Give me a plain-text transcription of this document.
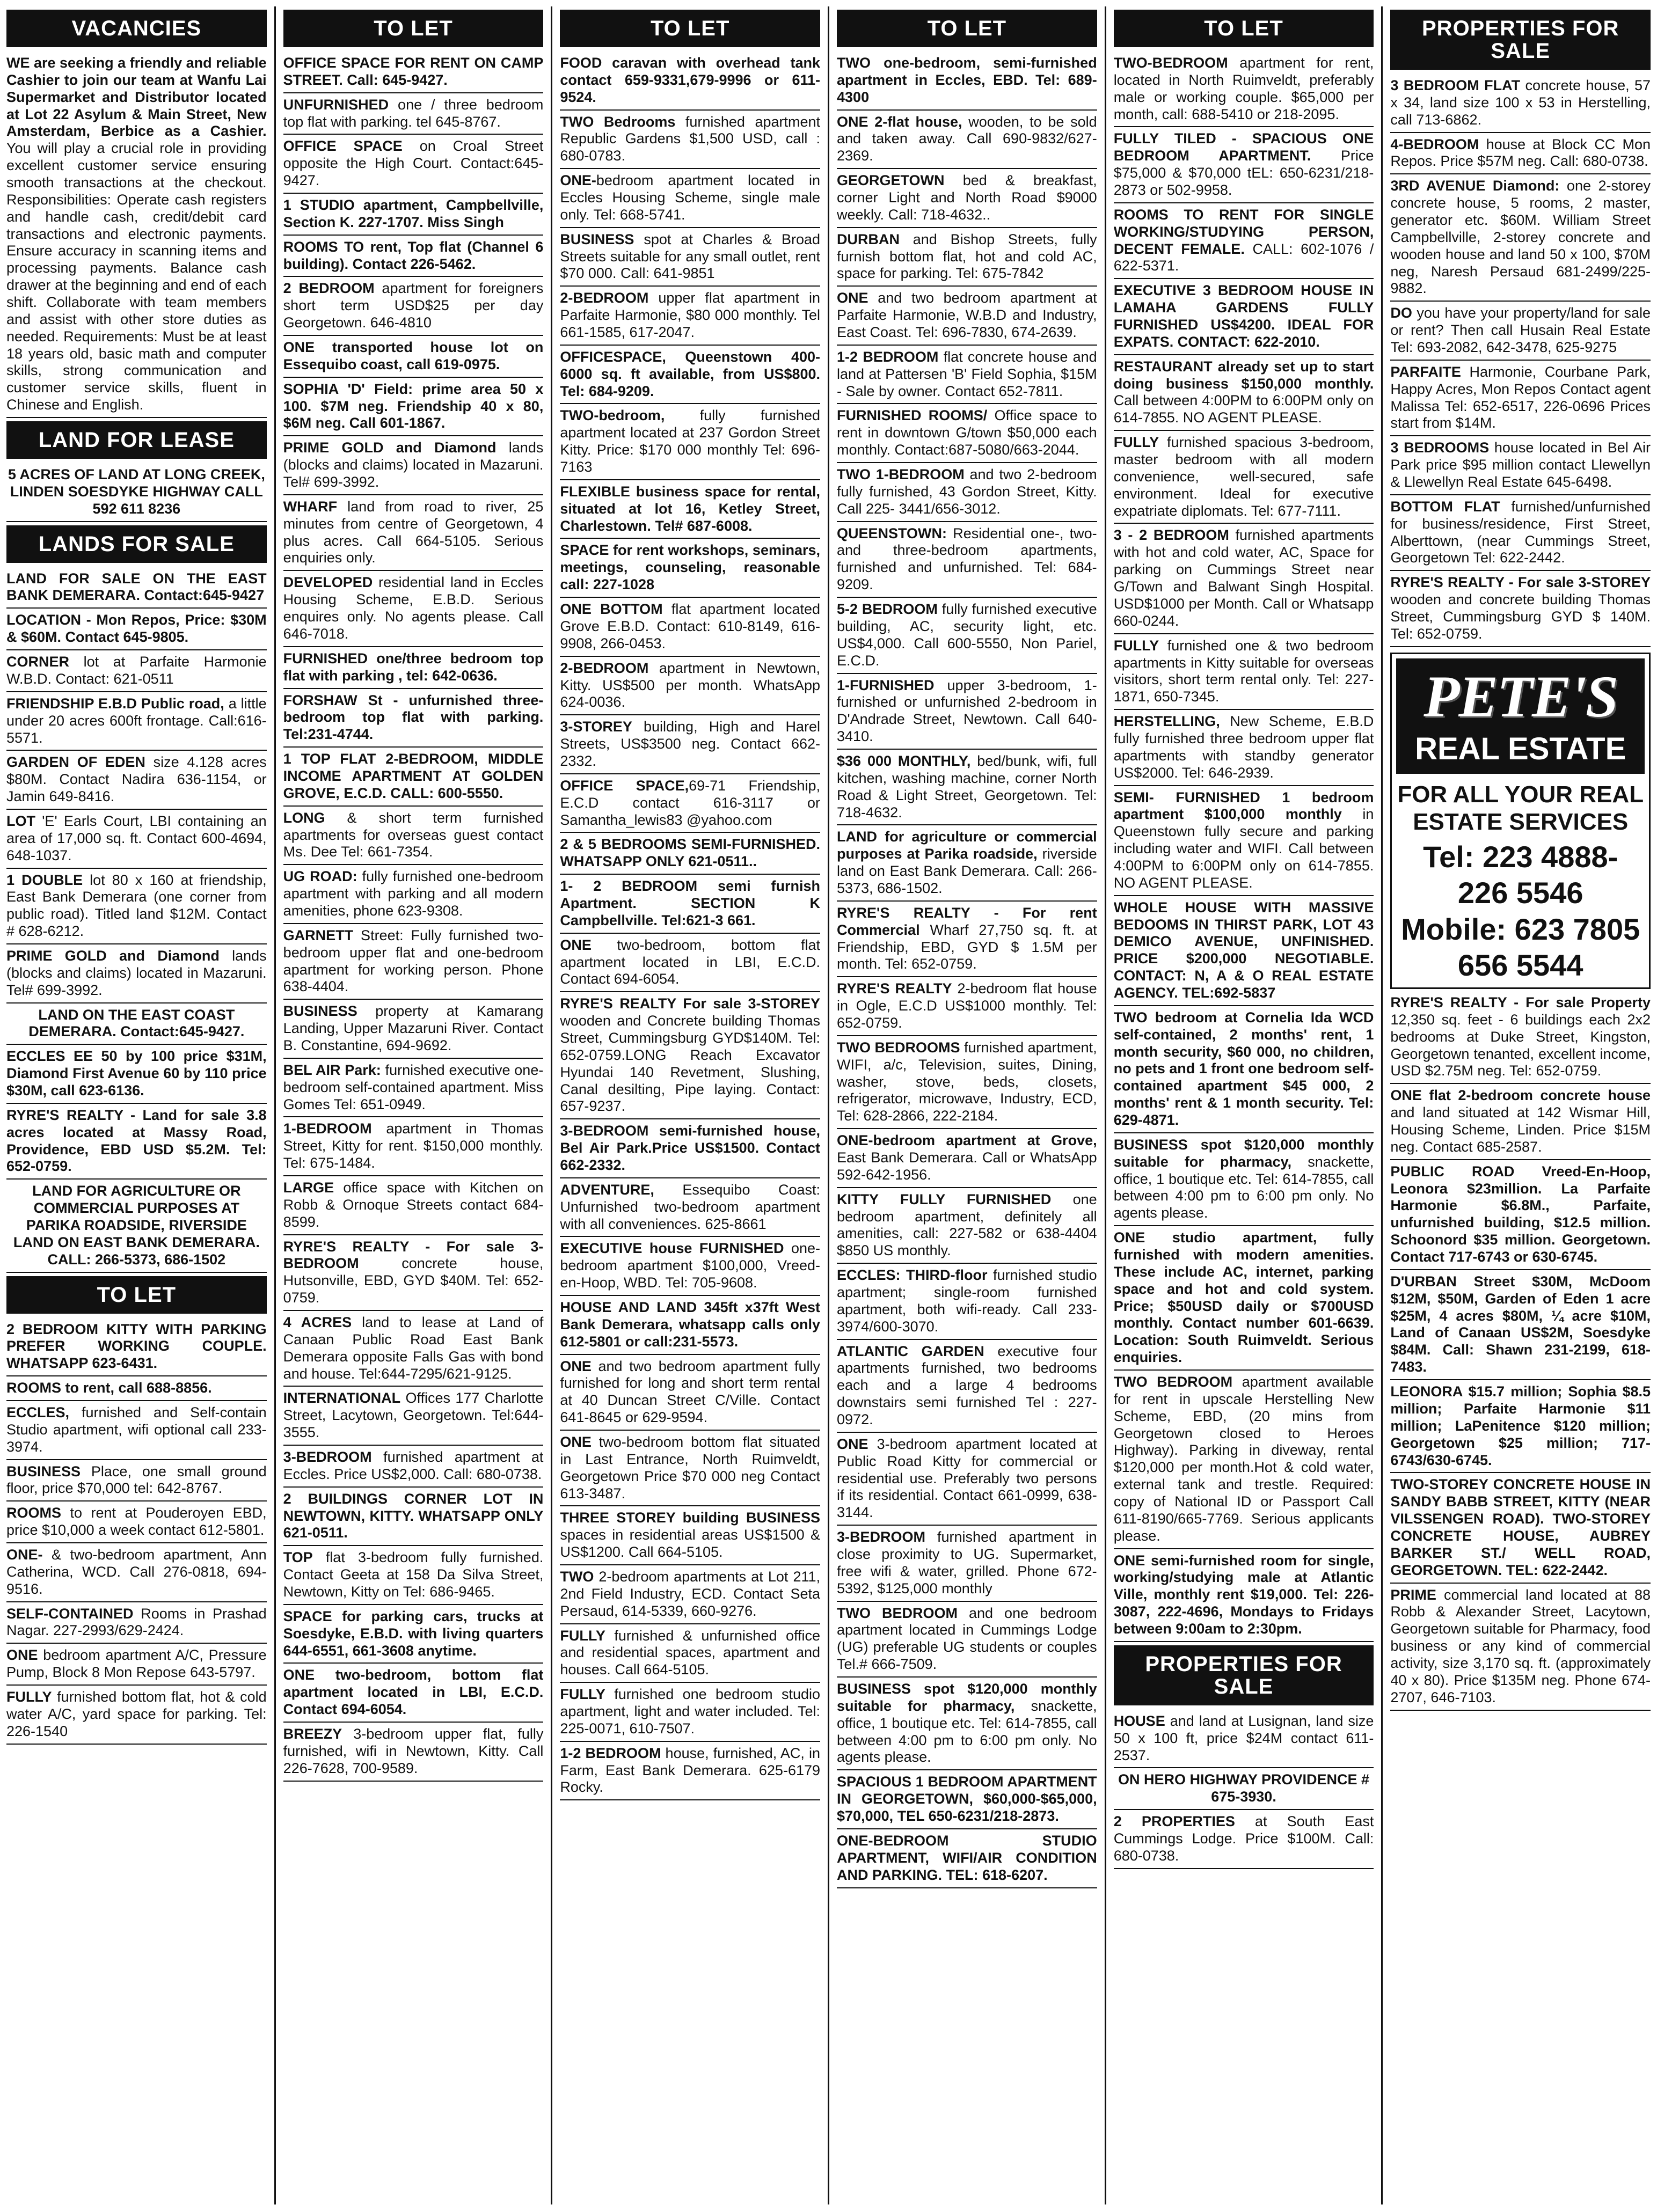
VACANCIES
WE are seeking a friendly and reliable Cashier to join our team at Wanfu Lai Supermarket and Distributor located at Lot 22 Asylum & Main Street, New Amsterdam, Berbice as a Cashier. You will play a crucial role in providing excellent customer service ensuring smooth transactions at the checkout. Responsibilities: Operate cash registers and handle cash, credit/debit card transactions and electronic payments. Ensure accuracy in scanning items and processing payments. Balance cash drawer at the beginning and end of each shift. Collaborate with team members and assist with other store duties as needed. Requirements: Must be at least 18 years old, basic math and computer skills, strong communication and customer service skills, fluent in Chinese and English.
LAND FOR LEASE
5 ACRES OF LAND AT LONG CREEK, LINDEN SOESDYKE HIGHWAY CALL 592 611 8236
LANDS FOR SALE
LAND FOR SALE ON THE EAST BANK DEMERARA. Contact:645-9427
LOCATION - Mon Repos, Price: $30M & $60M. Contact 645-9805.
CORNER lot at Parfaite Harmonie W.B.D. Contact: 621-0511
FRIENDSHIP E.B.D Public road, a little under 20 acres 600ft frontage. Call:616-5571.
GARDEN OF EDEN size 4.128 acres $80M. Contact Nadira 636-1154, or Jamin 649-8416.
LOT 'E' Earls Court, LBI containing an area of 17,000 sq. ft. Contact 600-4694, 648-1037.
1 DOUBLE lot 80 x 160 at friendship, East Bank Demerara (one corner from public road). Titled land $12M. Contact # 628-6212.
PRIME GOLD and Diamond lands (blocks and claims) located in Mazaruni. Tel# 699-3992.
LAND ON THE EAST COAST DEMERARA. Contact:645-9427.
ECCLES EE 50 by 100 price $31M, Diamond First Avenue 60 by 110 price $30M, call 623-6136.
RYRE'S REALTY - Land for sale 3.8 acres located at Massy Road, Providence, EBD USD $5.2M. Tel: 652-0759.
LAND FOR AGRICULTURE OR COMMERCIAL PURPOSES AT PARIKA ROADSIDE, RIVERSIDE LAND ON EAST BANK DEMERARA. CALL: 266-5373, 686-1502
TO LET
2 BEDROOM KITTY WITH PARKING PREFER WORKING COUPLE. WHATSAPP 623-6431.
ROOMS to rent, call 688-8856.
ECCLES, furnished and Self-contain Studio apartment, wifi optional call 233-3974.
BUSINESS Place, one small ground floor, price $70,000 tel: 642-8767.
ROOMS to rent at Pouderoyen EBD, price $10,000 a week contact 612-5801.
ONE- & two-bedroom apartment, Ann Catherina, WCD. Call 276-0818, 694-9516.
SELF-CONTAINED Rooms in Prashad Nagar. 227-2993/629-2424.
ONE bedroom apartment A/C, Pressure Pump, Block 8 Mon Repose 643-5797.
FULLY furnished bottom flat, hot & cold water A/C, yard space for parking. Tel: 226-1540
TO LET
OFFICE SPACE FOR RENT ON CAMP STREET. Call: 645-9427.
UNFURNISHED one / three bedroom top flat with parking. tel 645-8767.
OFFICE SPACE on Croal Street opposite the High Court. Contact:645-9427.
1 STUDIO apartment, Campbellville, Section K. 227-1707. Miss Singh
ROOMS TO rent, Top flat (Channel 6 building). Contact 226-5462.
2 BEDROOM apartment for foreigners short term USD$25 per day Georgetown. 646-4810
ONE transported house lot on Essequibo coast, call 619-0975.
SOPHIA 'D' Field: prime area 50 x 100. $7M neg. Friendship 40 x 80, $6M neg. Call 601-1867.
PRIME GOLD and Diamond lands (blocks and claims) located in Mazaruni. Tel# 699-3992.
WHARF land from road to river, 25 minutes from centre of Georgetown, 4 plus acres. Call 664-5105. Serious enquiries only.
DEVELOPED residential land in Eccles Housing Scheme, E.B.D. Serious enquires only. No agents please. Call 646-7018.
FURNISHED one/three bedroom top flat with parking , tel: 642-0636.
FORSHAW St - unfurnished three-bedroom top flat with parking. Tel:231-4744.
1 TOP FLAT 2-BEDROOM, MIDDLE INCOME APARTMENT AT GOLDEN GROVE, E.C.D. CALL: 600-5550.
LONG & short term furnished apartments for overseas guest contact Ms. Dee Tel: 661-7354.
UG ROAD: fully furnished one-bedroom apartment with parking and all modern amenities, phone 623-9308.
GARNETT Street: Fully furnished two-bedroom upper flat and one-bedroom apartment for working person. Phone 638-4404.
BUSINESS property at Kamarang Landing, Upper Mazaruni River. Contact B. Constantine, 694-9692.
BEL AIR Park: furnished executive one-bedroom self-contained apartment. Miss Gomes Tel: 651-0949.
1-BEDROOM apartment in Thomas Street, Kitty for rent. $150,000 monthly. Tel: 675-1484.
LARGE office space with Kitchen on Robb & Ornoque Streets contact 684-8599.
RYRE'S REALTY - For sale 3-BEDROOM concrete house, Hutsonville, EBD, GYD $40M. Tel: 652-0759.
4 ACRES land to lease at Land of Canaan Public Road East Bank Demerara opposite Falls Gas with bond and house. Tel:644-7295/621-9125.
INTERNATIONAL Offices 177 Charlotte Street, Lacytown, Georgetown. Tel:644-3555.
3-BEDROOM furnished apartment at Eccles. Price US$2,000. Call: 680-0738.
2 BUILDINGS CORNER LOT IN NEWTOWN, KITTY. WHATSAPP ONLY 621-0511.
TOP flat 3-bedroom fully furnished. Contact Geeta at 158 Da Silva Street, Newtown, Kitty on Tel: 686-9465.
SPACE for parking cars, trucks at Soesdyke, E.B.D. with living quarters 644-6551, 661-3608 anytime.
ONE two-bedroom, bottom flat apartment located in LBI, E.C.D. Contact 694-6054.
BREEZY 3-bedroom upper flat, fully furnished, wifi in Newtown, Kitty. Call 226-7628, 700-9589.
TO LET
FOOD caravan with overhead tank contact 659-9331,679-9996 or 611-9524.
TWO Bedrooms furnished apartment Republic Gardens $1,500 USD, call : 680-0783.
ONE-bedroom apartment located in Eccles Housing Scheme, single male only. Tel: 668-5741.
BUSINESS spot at Charles & Broad Streets suitable for any small outlet, rent $70 000. Call: 641-9851
2-BEDROOM upper flat apartment in Parfaite Harmonie, $80 000 monthly. Tel 661-1585, 617-2047.
OFFICESPACE, Queenstown 400-6000 sq. ft available, from US$800. Tel: 684-9209.
TWO-bedroom, fully furnished apartment located at 237 Gordon Street Kitty. Price: $170 000 monthly Tel: 696-7163
FLEXIBLE business space for rental, situated at lot 16, Ketley Street, Charlestown. Tel# 687-6008.
SPACE for rent workshops, seminars, meetings, counseling, reasonable call: 227-1028
ONE BOTTOM flat apartment located Grove E.B.D. Contact: 610-8149, 616-9908, 266-0453.
2-BEDROOM apartment in Newtown, Kitty. US$500 per month. WhatsApp 624-0036.
3-STOREY building, High and Harel Streets, US$3500 neg. Contact 662-2332.
OFFICE SPACE,69-71 Friendship, E.C.D contact 616-3117 or Samantha_lewis83 @yahoo.com
2 & 5 BEDROOMS SEMI-FURNISHED. WHATSAPP ONLY 621-0511..
1- 2 BEDROOM semi furnish Apartment. SECTION K Campbellville. Tel:621-3 661.
ONE two-bedroom, bottom flat apartment located in LBI, E.C.D. Contact 694-6054.
RYRE'S REALTY For sale 3-STOREY wooden and Concrete building Thomas Street, Cummingsburg GYD$140M. Tel: 652-0759.LONG Reach Excavator Hyundai 140 Revetment, Slushing, Canal desilting, Pipe laying. Contact: 657-9237.
3-BEDROOM semi-furnished house, Bel Air Park.Price US$1500. Contact 662-2332.
ADVENTURE, Essequibo Coast: Unfurnished two-bedroom apartment with all conveniences. 625-8661
EXECUTIVE house FURNISHED one-bedroom apartment $100,000, Vreed-en-Hoop, WBD. Tel: 705-9608.
HOUSE AND LAND 345ft x37ft West Bank Demerara, whatsapp calls only 612-5801 or call:231-5573.
ONE and two bedroom apartment fully furnished for long and short term rental at 40 Duncan Street C/Ville. Contact 641-8645 or 629-9594.
ONE two-bedroom bottom flat situated in Last Entrance, North Ruimveldt, Georgetown Price $70 000 neg Contact 613-3487.
THREE STOREY building BUSINESS spaces in residential areas US$1500 & US$1200. Call 664-5105.
TWO 2-bedroom apartments at Lot 211, 2nd Field Industry, ECD. Contact Seta Persaud, 614-5339, 660-9276.
FULLY furnished & unfurnished office and residential spaces, apartment and houses. Call 664-5105.
FULLY furnished one bedroom studio apartment, light and water included. Tel: 225-0071, 610-7507.
1-2 BEDROOM house, furnished, AC, in Farm, East Bank Demerara. 625-6179 Rocky.
TO LET
TWO one-bedroom, semi-furnished apartment in Eccles, EBD. Tel: 689-4300
ONE 2-flat house, wooden, to be sold and taken away. Call 690-9832/627-2369.
GEORGETOWN bed & breakfast, corner Light and North Road $9000 weekly. Call: 718-4632..
DURBAN and Bishop Streets, fully furnish bottom flat, hot and cold AC, space for parking. Tel: 675-7842
ONE and two bedroom apartment at Parfaite Harmonie, W.B.D and Industry, East Coast. Tel: 696-7830, 674-2639.
1-2 BEDROOM flat concrete house and land at Pattersen 'B' Field Sophia, $15M - Sale by owner. Contact 652-7811.
FURNISHED ROOMS/ Office space to rent in downtown G/town $50,000 each monthly. Contact:687-5080/663-2044.
TWO 1-BEDROOM and two 2-bedroom fully furnished, 43 Gordon Street, Kitty. Call 225- 3441/656-3012.
QUEENSTOWN: Residential one-, two- and three-bedroom apartments, furnished and unfurnished. Tel: 684-9209.
5-2 BEDROOM fully furnished executive building, AC, security light, etc. US$4,000. Call 600-5550, Non Pariel, E.C.D.
1-FURNISHED upper 3-bedroom, 1-furnished or unfurnished 2-bedroom in D'Andrade Street, Newtown. Call 640-3410.
$36 000 MONTHLY, bed/bunk, wifi, full kitchen, washing machine, corner North Road & Light Street, Georgetown. Tel: 718-4632.
LAND for agriculture or commercial purposes at Parika roadside, riverside land on East Bank Demerara. Call: 266-5373, 686-1502.
RYRE'S REALTY - For rent Commercial Wharf 27,750 sq. ft. at Friendship, EBD, GYD $ 1.5M per month. Tel: 652-0759.
RYRE'S REALTY 2-bedroom flat house in Ogle, E.C.D US$1000 monthly. Tel: 652-0759.
TWO BEDROOMS furnished apartment, WIFI, a/c, Television, suites, Dining, washer, stove, beds, closets, refrigerator, microwave, Industry, ECD, Tel: 628-2866, 222-2184.
ONE-bedroom apartment at Grove, East Bank Demerara. Call or WhatsApp 592-642-1956.
KITTY FULLY FURNISHED one bedroom apartment, definitely all amenities, call: 227-582 or 638-4404 $850 US monthly.
ECCLES: THIRD-floor furnished studio apartment; single-room furnished apartment, both wifi-ready. Call 233-3974/600-3070.
ATLANTIC GARDEN executive four apartments furnished, two bedrooms each and a large 4 bedrooms downstairs semi furnished Tel : 227-0972.
ONE 3-bedroom apartment located at Public Road Kitty for commercial or residential use. Preferably two persons if its residential. Contact 661-0999, 638-3144.
3-BEDROOM furnished apartment in close proximity to UG. Supermarket, free wifi & water, grilled. Phone 672-5392, $125,000 monthly
TWO BEDROOM and one bedroom apartment located in Cummings Lodge (UG) preferable UG students or couples Tel.# 666-7509.
BUSINESS spot $120,000 monthly suitable for pharmacy, snackette, office, 1 boutique etc. Tel: 614-7855, call between 4:00 pm to 6:00 pm only. No agents please.
SPACIOUS 1 BEDROOM APARTMENT IN GEORGETOWN, $60,000-$65,000, $70,000, TEL 650-6231/218-2873.
ONE-BEDROOM STUDIO APARTMENT, WIFI/AIR CONDITION AND PARKING. TEL: 618-6207.
TO LET
TWO-BEDROOM apartment for rent, located in North Ruimveldt, preferably male or working couple. $65,000 per month, call: 688-5410 or 218-2095.
FULLY TILED - SPACIOUS ONE BEDROOM APARTMENT. Price $75,000 & $70,000 tEL: 650-6231/218-2873 or 502-9958.
ROOMS TO RENT FOR SINGLE WORKING/STUDYING PERSON, DECENT FEMALE. CALL: 602-1076 / 622-5371.
EXECUTIVE 3 BEDROOM HOUSE IN LAMAHA GARDENS FULLY FURNISHED US$4200. IDEAL FOR EXPATS. CONTACT: 622-2010.
RESTAURANT already set up to start doing business $150,000 monthly. Call between 4:00PM to 6:00PM only on 614-7855. NO AGENT PLEASE.
FULLY furnished spacious 3-bedroom, master bedroom with all modern convenience, well-secured, safe environment. Ideal for executive expatriate diplomats. Tel: 677-7111.
3 - 2 BEDROOM furnished apartments with hot and cold water, AC, Space for parking on Cummings Street near G/Town and Balwant Singh Hospital. USD$1000 per Month. Call or Whatsapp 660-0244.
FULLY furnished one & two bedroom apartments in Kitty suitable for overseas visitors, short term rental only. Tel: 227-1871, 650-7345.
HERSTELLING, New Scheme, E.B.D fully furnished three bedroom upper flat apartments with standby generator US$2000. Tel: 646-2939.
SEMI- FURNISHED 1 bedroom apartment $100,000 monthly in Queenstown fully secure and parking including water and WIFI. Call between 4:00PM to 6:00PM only on 614-7855. NO AGENT PLEASE.
WHOLE HOUSE WITH MASSIVE BEDOOMS IN THIRST PARK, LOT 43 DEMICO AVENUE, UNFINISHED. PRICE $200,000 NEGOTIABLE. CONTACT: N, A & O REAL ESTATE AGENCY. TEL:692-5837
TWO bedroom at Cornelia Ida WCD self-contained, 2 months' rent, 1 month security, $60 000, no children, no pets and 1 front one bedroom self-contained apartment $45 000, 2 months' rent & 1 month security. Tel: 629-4871.
BUSINESS spot $120,000 monthly suitable for pharmacy, snackette, office, 1 boutique etc. Tel: 614-7855, call between 4:00 pm to 6:00 pm only. No agents please.
ONE studio apartment, fully furnished with modern amenities. These include AC, internet, parking space and hot and cold system. Price; $50USD daily or $700USD monthly. Contact number 601-6639. Location: South Ruimveldt. Serious enquiries.
TWO BEDROOM apartment available for rent in upscale Herstelling New Scheme, EBD, (20 mins from Georgetown closed to Heroes Highway). Parking in diveway, rental $120,000 per month.Hot & cold water, external tank and trestle. Required: copy of National ID or Passport Call 611-8190/665-7769. Serious applicants please.
ONE semi-furnished room for single, working/studying male at Atlantic Ville, monthly rent $19,000. Tel: 226-3087, 222-4696, Mondays to Fridays between 9:00am to 2:30pm.
PROPERTIES FOR SALE
HOUSE and land at Lusignan, land size 50 x 100 ft, price $24M contact 611-2537.
ON HERO HIGHWAY PROVIDENCE # 675-3930.
2 PROPERTIES at South East Cummings Lodge. Price $100M. Call: 680-0738.
PROPERTIES FOR SALE
3 BEDROOM FLAT concrete house, 57 x 34, land size 100 x 53 in Herstelling, call 713-6862.
4-BEDROOM house at Block CC Mon Repos. Price $57M neg. Call: 680-0738.
3RD AVENUE Diamond: one 2-storey concrete house, 5 rooms, 2 master, generator etc. $60M. William Street Campbellville, 2-storey concrete and wooden house and land 50 x 100, $70M neg, Naresh Persaud 681-2499/225-9882.
DO you have your property/land for sale or rent? Then call Husain Real Estate Tel: 693-2082, 642-3478, 625-9275
PARFAITE Harmonie, Courbane Park, Happy Acres, Mon Repos Contact agent Malissa Tel: 652-6517, 226-0696 Prices start from $14M.
3 BEDROOMS house located in Bel Air Park price $95 million contact Llewellyn & Llewellyn Real Estate 645-6498.
BOTTOM FLAT furnished/unfurnished for business/residence, First Street, Alberttown, (near Cummings Street, Georgetown Tel: 622-2442.
RYRE'S REALTY - For sale 3-STOREY wooden and concrete building Thomas Street, Cummingsburg GYD $ 140M. Tel: 652-0759.
PETE'S
REAL ESTATE
FOR ALL YOUR REAL ESTATE SERVICES
Tel: 223 4888-
226 5546
Mobile: 623 7805
656 5544
RYRE'S REALTY - For sale Property 12,350 sq. feet - 6 buildings each 2x2 bedrooms at Duke Street, Kingston, Georgetown tenanted, excellent income, USD $2.75M neg. Tel: 652-0759.
ONE flat 2-bedroom concrete house and land situated at 142 Wismar Hill, Housing Scheme, Linden. Price $15M neg. Contact 685-2587.
PUBLIC ROAD Vreed-En-Hoop, Leonora $23million. La Parfaite Harmonie $6.8M., Parfaite, unfurnished building, $12.5 million. Schoonord $35 million. Georgetown. Contact 717-6743 or 630-6745.
D'URBAN Street $30M, McDoom $12M, $50M, Garden of Eden 1 acre $25M, 4 acres $80M, ¼ acre $10M, Land of Canaan US$2M, Soesdyke $84M. Call: Shawn 231-2199, 618-7483.
LEONORA $15.7 million; Sophia $8.5 million; Parfaite Harmonie $11 million; LaPenitence $120 million; Georgetown $25 million; 717-6743/630-6745.
TWO-STOREY CONCRETE HOUSE IN SANDY BABB STREET, KITTY (NEAR VILSSENGEN ROAD). TWO-STOREY CONCRETE HOUSE, AUBREY BARKER ST./ WELL ROAD, GEORGETOWN. TEL: 622-2442.
PRIME commercial land located at 88 Robb & Alexander Street, Lacytown, Georgetown suitable for Pharmacy, food business or any kind of commercial activity, size 3,170 sq. ft. (approximately 40 x 80). Price $135M neg. Phone 674-2707, 646-7103.
